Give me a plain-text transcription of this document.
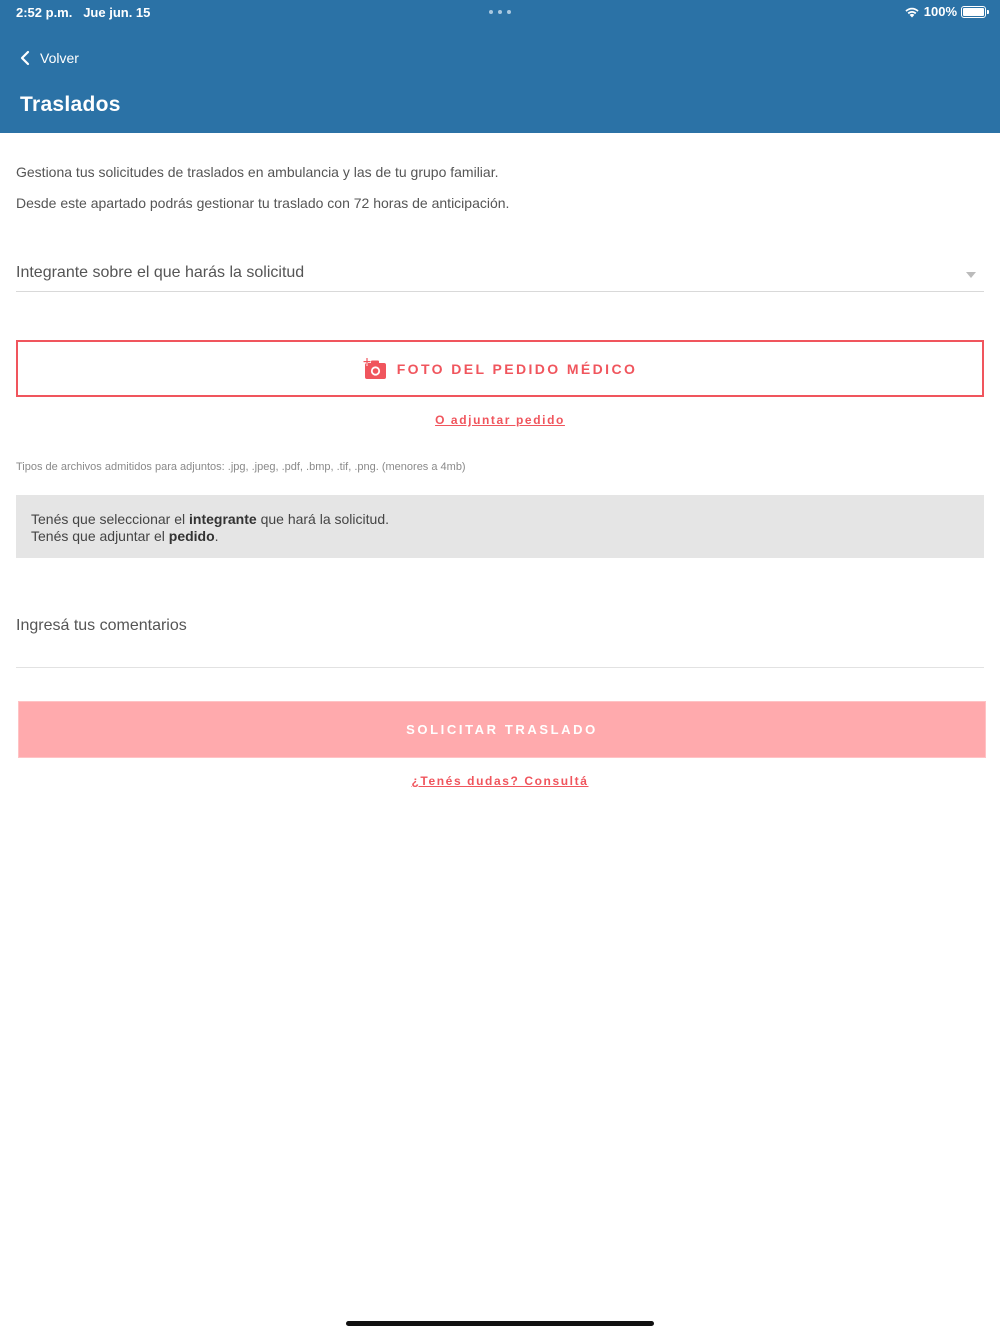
2:52 p.m. Jue jun. 15	100%
Volver
Traslados
Gestiona tus solicitudes de traslados en ambulancia y las de tu grupo familiar.
Desde este apartado podrás gestionar tu traslado con 72 horas de anticipación.
Integrante sobre el que harás la solicitud
FOTO DEL PEDIDO MÉDICO
O adjuntar pedido
Tipos de archivos admitidos para adjuntos: .jpg, .jpeg, .pdf, .bmp, .tif, .png. (menores a 4mb)
Tenés que seleccionar el integrante que hará la solicitud.
Tenés que adjuntar el pedido.
Ingresá tus comentarios
SOLICITAR TRASLADO
¿Tenés dudas? Consultá
